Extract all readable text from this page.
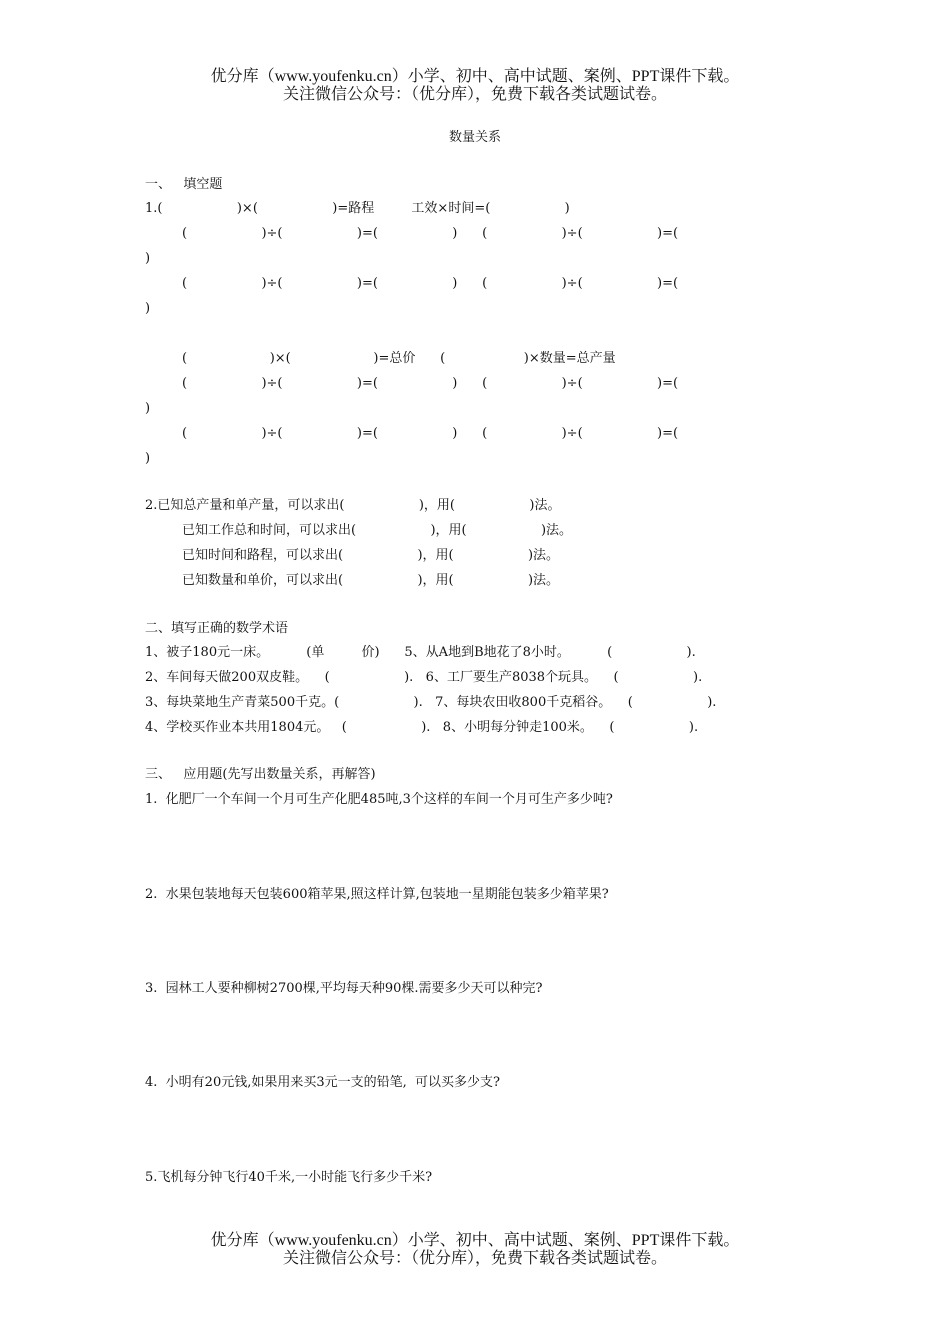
优分库（www.youfenku.cn）小学、初中、高中试题、案例、PPT课件下载。
关注微信公众号：（优分库），免费下载各类试题试卷。
数量关系
一、   填空题
1.(                  )×(                  )=路程         工效×时间=(                  )
(                  )÷(                  )=(                  )      (                  )÷(                  )=(
)
(                  )÷(                  )=(                  )      (                  )÷(                  )=(
)
(                    )×(                    )=总价      (                   )×数量=总产量
(                  )÷(                  )=(                  )      (                  )÷(                  )=(
)
(                  )÷(                  )=(                  )      (                  )÷(                  )=(
)
2.已知总产量和单产量，可以求出(                  )，用(                  )法。
已知工作总和时间，可以求出(                  )，用(                  )法。
已知时间和路程，可以求出(                  )，用(                  )法。
已知数量和单价，可以求出(                  )，用(                  )法。
二、填写正确的数学术语
1、被子180元一床。         (单         价)      5、从A地到B地花了8小时。         (                  ).
2、车间每天做200双皮鞋。    (                  ).   6、工厂要生产8038个玩具。    (                  ).
3、每块菜地生产青菜500千克。(                  ).   7、每块农田收800千克稻谷。    (                  ).
4、学校买作业本共用1804元。   (                  ).   8、小明每分钟走100米。    (                  ).
三、   应用题(先写出数量关系，再解答)
1.  化肥厂一个车间一个月可生产化肥485吨,3个这样的车间一个月可生产多少吨?
2.  水果包装地每天包装600箱苹果,照这样计算,包装地一星期能包装多少箱苹果?
3.  园林工人要种柳树2700棵,平均每天种90棵.需要多少天可以种完?
4.  小明有20元钱,如果用来买3元一支的铅笔,  可以买多少支?
5.飞机每分钟飞行40千米,一小时能飞行多少千米?
优分库（www.youfenku.cn）小学、初中、高中试题、案例、PPT课件下载。
关注微信公众号：（优分库），免费下载各类试题试卷。
